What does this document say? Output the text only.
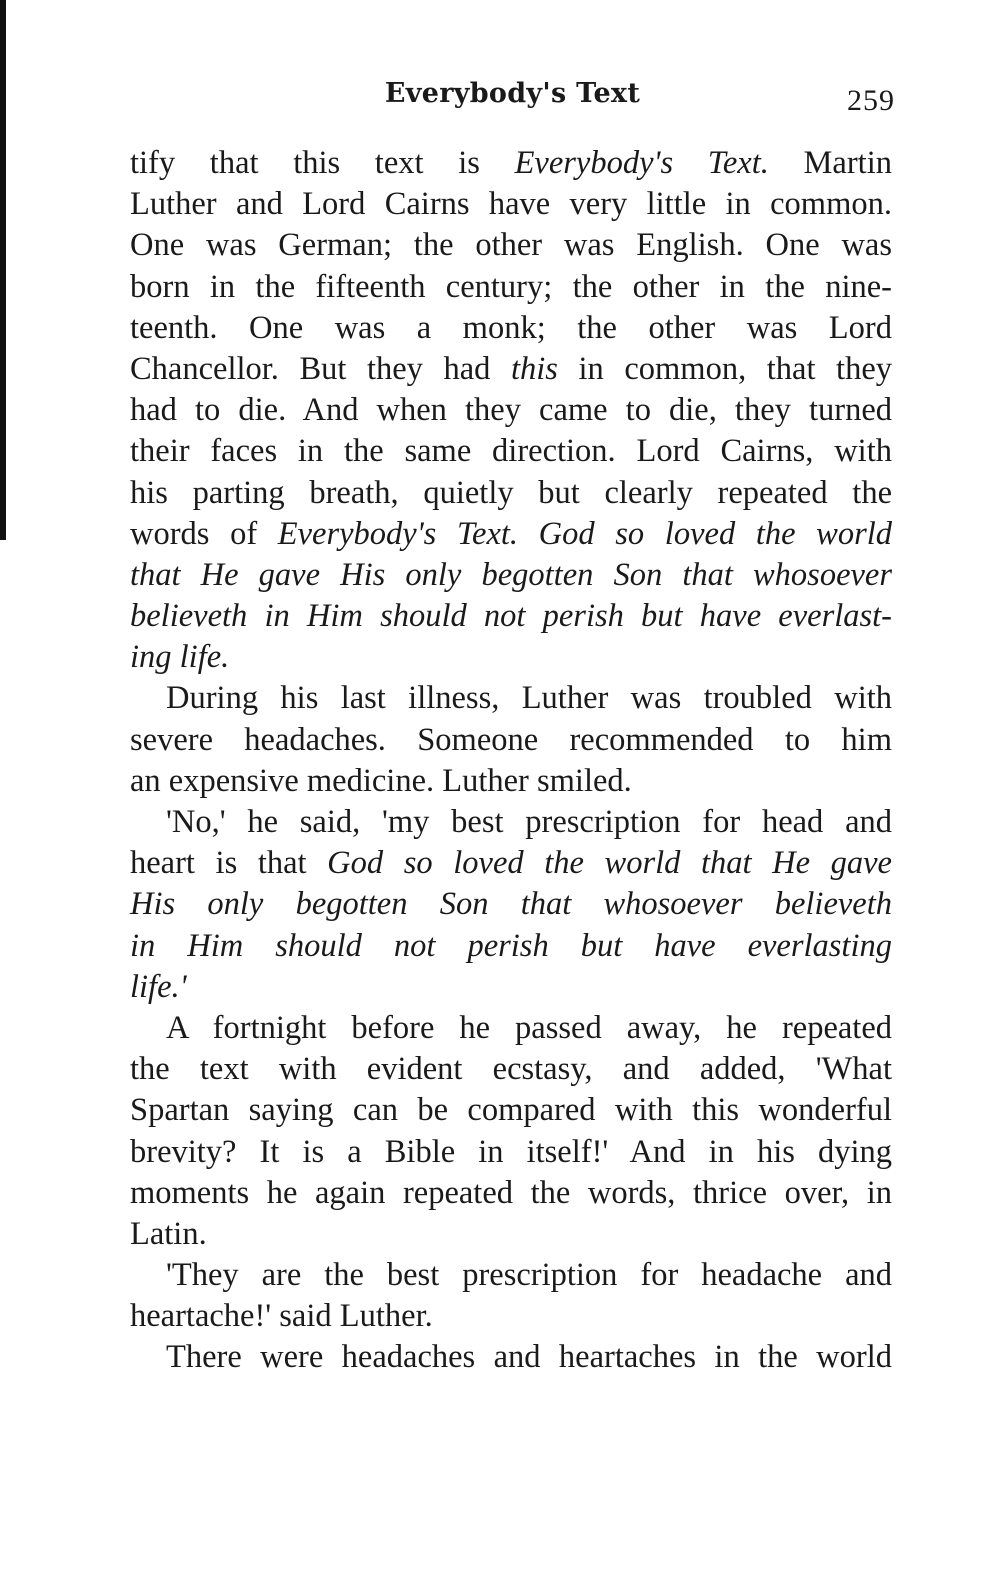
Everybody's Text	259
tify that this text is Everybody's Text. Martin
Luther and Lord Cairns have very little in common.
One was German; the other was English. One was
born in the fifteenth century; the other in the nine-
teenth. One was a monk; the other was Lord
Chancellor. But they had this in common, that they
had to die. And when they came to die, they turned
their faces in the same direction. Lord Cairns, with
his parting breath, quietly but clearly repeated the
words of Everybody's Text. God so loved the world
that He gave His only begotten Son that whosoever
believeth in Him should not perish but have everlast-
ing life.
During his last illness, Luther was troubled with
severe headaches. Someone recommended to him
an expensive medicine. Luther smiled.
'No,' he said, 'my best prescription for head and
heart is that God so loved the world that He gave
His only begotten Son that whosoever believeth
in Him should not perish but have everlasting
life.'
A fortnight before he passed away, he repeated
the text with evident ecstasy, and added, 'What
Spartan saying can be compared with this wonderful
brevity? It is a Bible in itself!' And in his dying
moments he again repeated the words, thrice over, in
Latin.
'They are the best prescription for headache and
heartache!' said Luther.
There were headaches and heartaches in the world
